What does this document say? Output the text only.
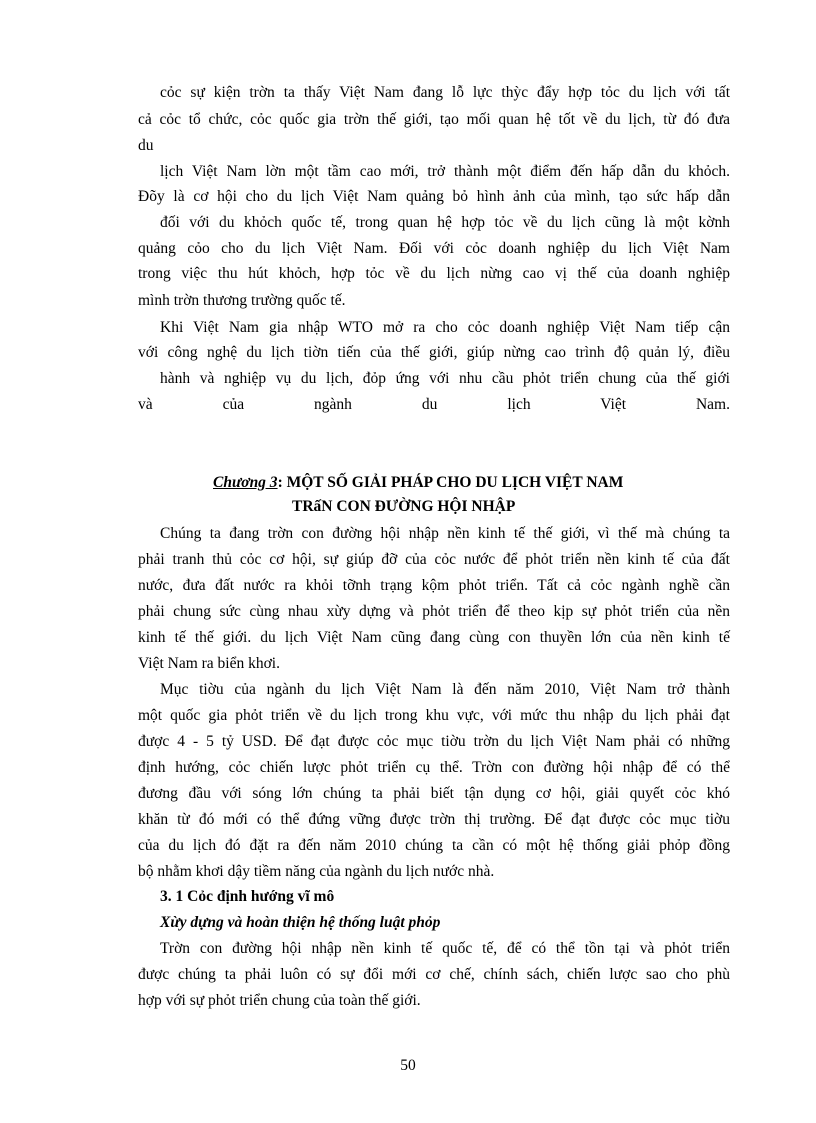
cỏc sự kiện trờn ta thấy Việt Nam đang lỗ lực thỳc đẩy hợp tỏc du lịch với tất
cả cỏc tổ chức, cỏc quốc gia trờn thế giới, tạo mối quan hệ tốt về du lịch, từ đó đưa
du
lịch Việt Nam lờn một tầm cao mới, trở thành một điểm đến hấp dẫn du khỏch.
Đõy là cơ hội cho du lịch Việt Nam quảng bỏ hình ảnh của mình, tạo sức hấp dẫn
đối với du khỏch quốc tế, trong quan hệ hợp tỏc về du lịch cũng là một kờnh
quảng cỏo cho du lịch Việt Nam. Đối với cỏc doanh nghiệp du lịch Việt Nam
trong việc thu hút khỏch, hợp tỏc về du lịch nừng cao vị thế của doanh nghiệp
mình trờn thương trường quốc tế.
Khi Việt Nam gia nhập WTO mở ra cho cỏc doanh nghiệp Việt Nam tiếp cận
với công nghệ du lịch tiờn tiến của thế giới, giúp nừng cao trình độ quản lý, điều
hành và nghiệp vụ du lịch, đỏp ứng với nhu cầu phỏt triển chung của thế giới
và của ngành du lịch Việt Nam.
Chương 3: MỘT SỐ GIẢI PHÁP CHO DU LỊCH VIỆT NAM
TRấN CON ĐƯỜNG HỘI NHẬP
Chúng ta đang trờn con đường hội nhập nền kinh tế thế giới, vì thế mà chúng ta
phải tranh thủ cỏc cơ hội, sự giúp đỡ của cỏc nước để phỏt triển nền kinh tế của đất
nước, đưa đất nước ra khỏi tỡnh trạng kộm phỏt triển. Tất cả cỏc ngành nghề cần
phải chung sức cùng nhau xừy dựng và phỏt triển để theo kịp sự phỏt triển của nền
kinh tế thế giới. du lịch Việt Nam cũng đang cùng con thuyền lớn của nền kinh tế
Việt Nam ra biển khơi.
Mục tiờu của ngành du lịch Việt Nam là đến năm 2010, Việt Nam trở thành
một quốc gia phỏt triển về du lịch trong khu vực, với mức thu nhập du lịch phải đạt
được 4 - 5 tỷ USD. Để đạt được cỏc mục tiờu trờn du lịch Việt Nam phải có những
định hướng, cỏc chiến lược phỏt triển cụ thể. Trờn con đường hội nhập để có thể
đương đầu với sóng lớn chúng ta phải biết tận dụng cơ hội, giải quyết cỏc khó
khăn từ đó mới có thể đứng vững được trờn thị trường. Để đạt được cỏc mục tiờu
của du lịch đó đặt ra đến năm 2010 chúng ta cần có một hệ thống giải phỏp đồng
bộ nhằm khơi dậy tiềm năng của ngành du lịch nước nhà.
3. 1 Cỏc định hướng vĩ mô
Xừy dựng và hoàn thiện hệ thống luật phỏp
Trờn con đường hội nhập nền kinh tế quốc tế, để có thể tồn tại và phỏt triển
được chúng ta phải luôn có sự đổi mới cơ chế, chính sách, chiến lược sao cho phù
hợp với sự phỏt triển chung của toàn thế giới.
50
